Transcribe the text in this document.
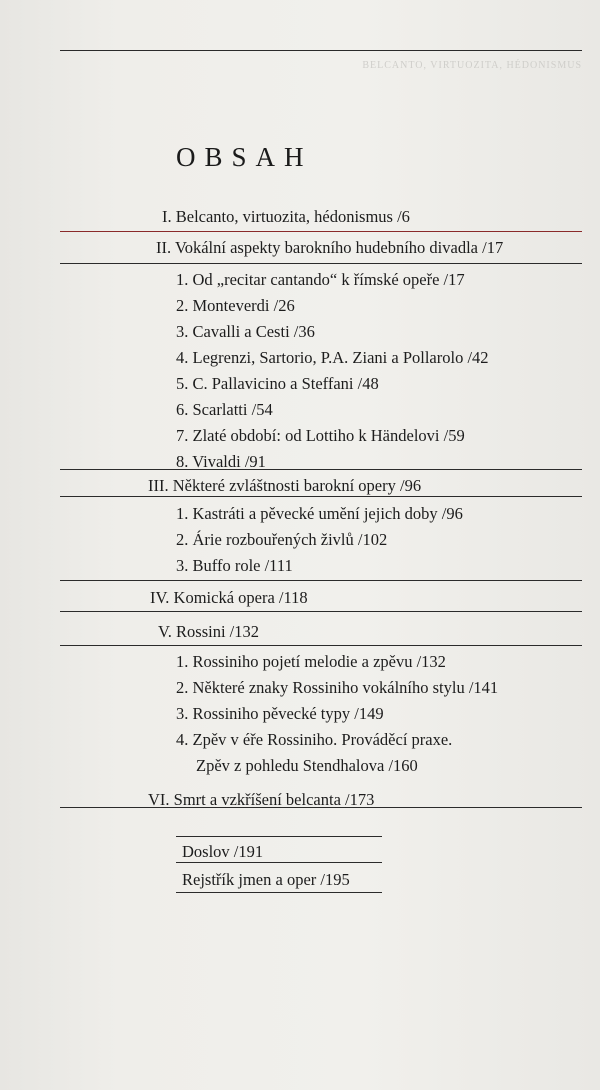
BELCANTO, VIRTUOZITA, HÉDONISMUS
OBSAH
I. Belcanto, virtuozita, hédonismus /6
II. Vokální aspekty barokního hudebního divadla /17
1. Od „recitar cantando“ k římské opeře /17
2. Monteverdi /26
3. Cavalli a Cesti /36
4. Legrenzi, Sartorio, P.A. Ziani a Pollarolo /42
5. C. Pallavicino a Steffani /48
6. Scarlatti /54
7. Zlaté období: od Lottiho k Händelovi /59
8. Vivaldi /91
III. Některé zvláštnosti barokní opery /96
1. Kastráti a pěvecké umění jejich doby /96
2. Árie rozbouřených živlů /102
3. Buffo role /111
IV. Komická opera /118
V. Rossini /132
1. Rossiniho pojetí melodie a zpěvu /132
2. Některé znaky Rossiniho vokálního stylu /141
3. Rossiniho pěvecké typy /149
4. Zpěv v éře Rossiniho. Prováděcí praxe.
Zpěv z pohledu Stendhalova /160
VI. Smrt a vzkříšení belcanta /173
Doslov /191
Rejstřík jmen a oper /195
